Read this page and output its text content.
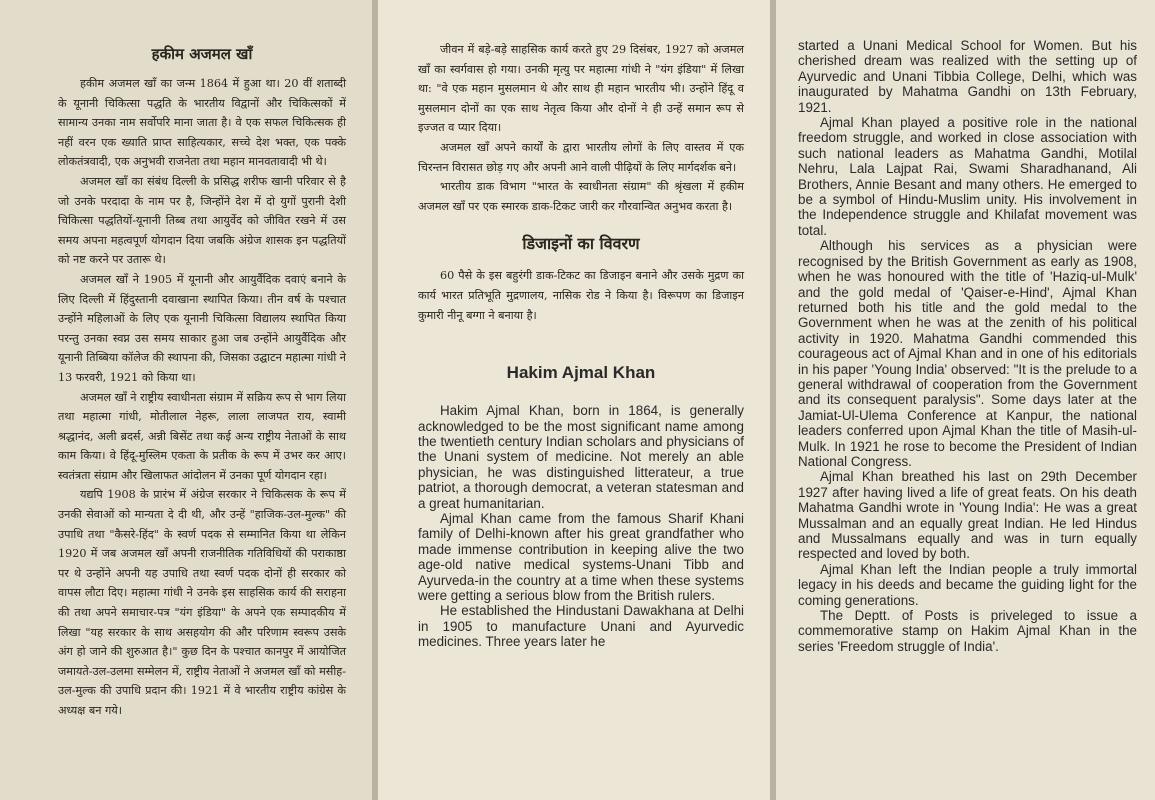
हकीम अजमल खाँ

हकीम अजमल खाँ का जन्म 1864 में हुआ था। 20 वीं शताब्दी के यूनानी चिकित्सा पद्धति के भारतीय विद्वानों और चिकित्सकों में सामान्य उनका नाम सर्वोपरि माना जाता है। वे एक सफल चिकित्सक ही नहीं वरन एक ख्याति प्राप्त साहित्यकार, सच्चे देश भक्त, एक पक्के लोकतंत्रवादी, एक अनुभवी राजनेता तथा महान मानवतावादी भी थे।

अजमल खाँ का संबंध दिल्ली के प्रसिद्ध शरीफ खानी परिवार से है जो उनके परदादा के नाम पर है, जिन्होंने देश में दो युगों पुरानी देशी चिकित्सा पद्धतियों-यूनानी तिब्ब तथा आयुर्वेद को जीवित रखने में उस समय अपना महत्वपूर्ण योगदान दिया जबकि अंग्रेज शासक इन पद्धतियों को नष्ट करने पर उतारू थे।

अजमल खाँ ने 1905 में यूनानी और आयुर्वैदिक दवाएं बनाने के लिए दिल्ली में हिंदुस्तानी दवाखाना स्थापित किया। तीन वर्ष के पश्चात उन्होंने महिलाओं के लिए एक यूनानी चिकित्सा विद्यालय स्थापित किया परन्तु उनका स्वप्न उस समय साकार हुआ जब उन्होंने आयुर्वैदिक और यूनानी तिब्बिया कॉलेज की स्थापना की, जिसका उद्घाटन महात्मा गांधी ने 13 फरवरी, 1921 को किया था।

अजमल खाँ ने राष्ट्रीय स्वाधीनता संग्राम में सक्रिय रूप से भाग लिया तथा महात्मा गांधी, मोतीलाल नेहरू, लाला लाजपत राय, स्वामी श्रद्धानंद, अली ब्रदर्स, अन्नी बिसेंट तथा कई अन्य राष्ट्रीय नेताओं के साथ काम किया। वे हिंदू-मुस्लिम एकता के प्रतीक के रूप में उभर कर आए। स्वतंत्रता संग्राम और खिलाफत आंदोलन में उनका पूर्ण योगदान रहा।

यद्यपि 1908 के प्रारंभ में अंग्रेज सरकार ने चिकित्सक के रूप में उनकी सेवाओं को मान्यता दे दी थी, और उन्हें "हाजिक-उल-मुल्क" की उपाधि तथा "कैसरे-हिंद" के स्वर्ण पदक से सम्मानित किया था लेकिन 1920 में जब अजमल खाँ अपनी राजनीतिक गतिविधियों की पराकाष्ठा पर थे उन्होंने अपनी यह उपाधि तथा स्वर्ण पदक दोनों ही सरकार को वापस लौटा दिए। महात्मा गांधी ने उनके इस साहसिक कार्य की सराहना की तथा अपने समाचार-पत्र "यंग इंडिया" के अपने एक सम्पादकीय में लिखा "यह सरकार के साथ असहयोग की और परिणाम स्वरूप उसके अंग हो जाने की शुरुआत है।" कुछ दिन के पश्चात कानपुर में आयोजित जमायते-उल-उलमा सम्मेलन में, राष्ट्रीय नेताओं ने अजमल खाँ को मसीह-उल-मुल्क की उपाधि प्रदान की। 1921 में वे भारतीय राष्ट्रीय कांग्रेस के अध्यक्ष बन गये।

जीवन में बड़े-बड़े साहसिक कार्य करते हुए 29 दिसंबर, 1927 को अजमल खाँ का स्वर्गवास हो गया। उनकी मृत्यु पर महात्मा गांधी ने "यंग इंडिया" में लिखा था: "वे एक महान मुसलमान थे और साथ ही महान भारतीय भी। उन्होंने हिंदू व मुसलमान दोनों का एक साथ नेतृत्व किया और दोनों ने ही उन्हें समान रूप से इज्जत व प्यार दिया।

अजमल खाँ अपने कार्यों के द्वारा भारतीय लोगों के लिए वास्तव में एक चिरन्तन विरासत छोड़ गए और अपनी आने वाली पीढ़ियों के लिए मार्गदर्शक बने।

भारतीय डाक विभाग "भारत के स्वाधीनता संग्राम" की श्रृंखला में हकीम अजमल खाँ पर एक स्मारक डाक-टिकट जारी कर गौरवान्वित अनुभव करता है।

डिजाइनों का विवरण

60 पैसे के इस बहुरंगी डाक-टिकट का डिजाइन बनाने और उसके मुद्रण का कार्य भारत प्रतिभूति मुद्रणालय, नासिक रोड ने किया है। विरूपण का डिजाइन कुमारी नीनू बग्गा ने बनाया है।

Hakim Ajmal Khan

Hakim Ajmal Khan, born in 1864, is generally acknowledged to be the most significant name among the twentieth century Indian scholars and physicians of the Unani system of medicine. Not merely an able physician, he was distinguished litterateur, a true patriot, a thorough democrat, a veteran statesman and a great humanitarian.

Ajmal Khan came from the famous Sharif Khani family of Delhi-known after his great grandfather who made immense contribution in keeping alive the two age-old native medical systems-Unani Tibb and Ayurveda-in the country at a time when these systems were getting a serious blow from the British rulers.

He established the Hindustani Dawakhana at Delhi in 1905 to manufacture Unani and Ayurvedic medicines. Three years later he

started a Unani Medical School for Women. But his cherished dream was realized with the setting up of Ayurvedic and Unani Tibbia College, Delhi, which was inaugurated by Mahatma Gandhi on 13th February, 1921.

Ajmal Khan played a positive role in the national freedom struggle, and worked in close association with such national leaders as Mahatma Gandhi, Motilal Nehru, Lala Lajpat Rai, Swami Sharadhanand, Ali Brothers, Annie Besant and many others. He emerged to be a symbol of Hindu-Muslim unity. His involvement in the Independence struggle and Khilafat movement was total.

Although his services as a physician were recognised by the British Government as early as 1908, when he was honoured with the title of 'Haziq-ul-Mulk' and the gold medal of 'Qaiser-e-Hind', Ajmal Khan returned both his title and the gold medal to the Government when he was at the zenith of his political activity in 1920. Mahatma Gandhi commended this courageous act of Ajmal Khan and in one of his editorials in his paper 'Young India' observed: "It is the prelude to a general withdrawal of cooperation from the Government and its consequent paralysis". Some days later at the Jamiat-Ul-Ulema Conference at Kanpur, the national leaders conferred upon Ajmal Khan the title of Masih-ul-Mulk. In 1921 he rose to become the President of Indian National Congress.

Ajmal Khan breathed his last on 29th December 1927 after having lived a life of great feats. On his death Mahatma Gandhi wrote in 'Young India': He was a great Mussalman and an equally great Indian. He led Hindus and Mussalmans equally and was in turn equally respected and loved by both.

Ajmal Khan left the Indian people a truly immortal legacy in his deeds and became the guiding light for the coming generations.

The Deptt. of Posts is priveleged to issue a commemorative stamp on Hakim Ajmal Khan in the series 'Freedom struggle of India'.
